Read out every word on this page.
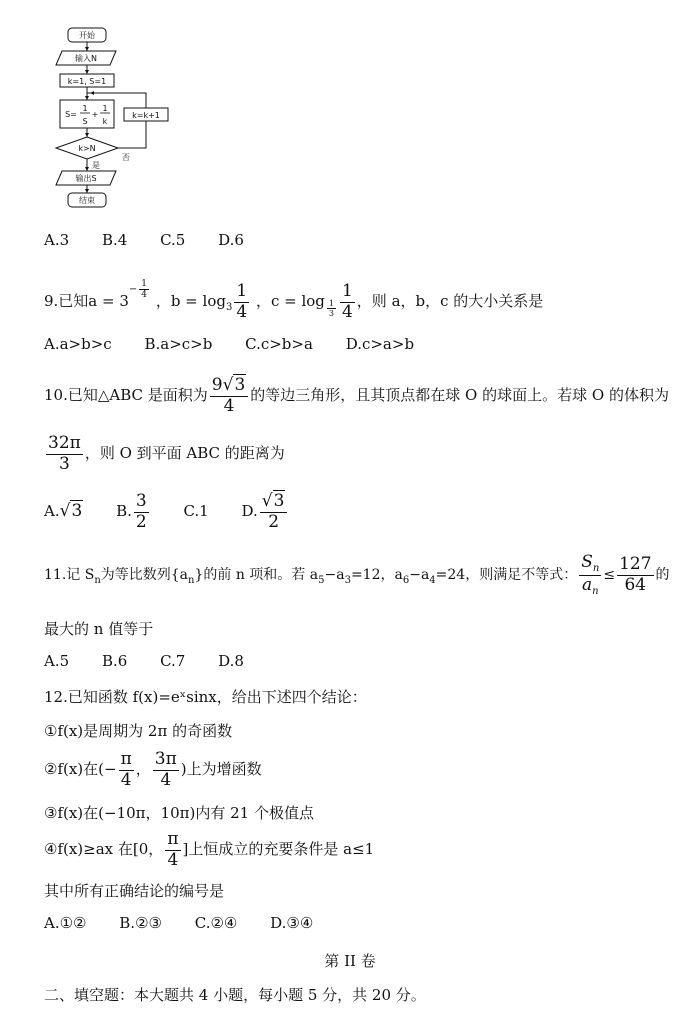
开始
输入N
k=1, S=1
S=
1
S
+
1
k
k=k+1
k>N
否
是
输出S
结束
A.3 B.4 C.5 D.6
9.已知$a = 3- \frac{1}{4}$
，$b = \log_3 \frac{1}{4}$ ，$c = \log \frac{1}{3} \frac{1}{4}$ ，则 a，b，c 的大小关系是
A.a>b>c B.a>c>b C.c>b>a D.c>a>b
10.已知△ABC 是面积为 $\frac{9√3}{4}$ 的等边三角形，且其顶点都在球 O 的球面上。若球 O 的体积为
$\frac{32\pi}{3}$ ，则 O 到平面 ABC 的距离为
A.√3 B. $\frac{3}{2} C.1$ D. $\frac{√3}{2}$
11.记 $S_n$为等比数列$\{a_n\}$的前 n 项和。若 $a_5-a_3=12$，$a_6-a_4=24$，则满足不等式： $\frac{S_n}{a_n} \le \frac{127}{64}$ 的
最大的 n 值等于
A.5 B.6 C.7 D.8
12.已知函数 f(x)=eˣsinx，给出下述四个结论：
①f(x)是周期为 2π 的奇函数
②f(x)在(− $\frac{\pi}{4}$ ， $\frac{3\pi}{4}$ )上为增函数
③f(x)在(−10π，10π)内有 21 个极值点
④f(x)≥ax 在[0， $\frac{\pi}{4}$ ]上恒成立的充要条件是 a≤1
其中所有正确结论的编号是
A.①② B.②③ C.②④ D.③④
第 II 卷
二、填空题：本大题共 4 小题，每小题 5 分，共 20 分。
